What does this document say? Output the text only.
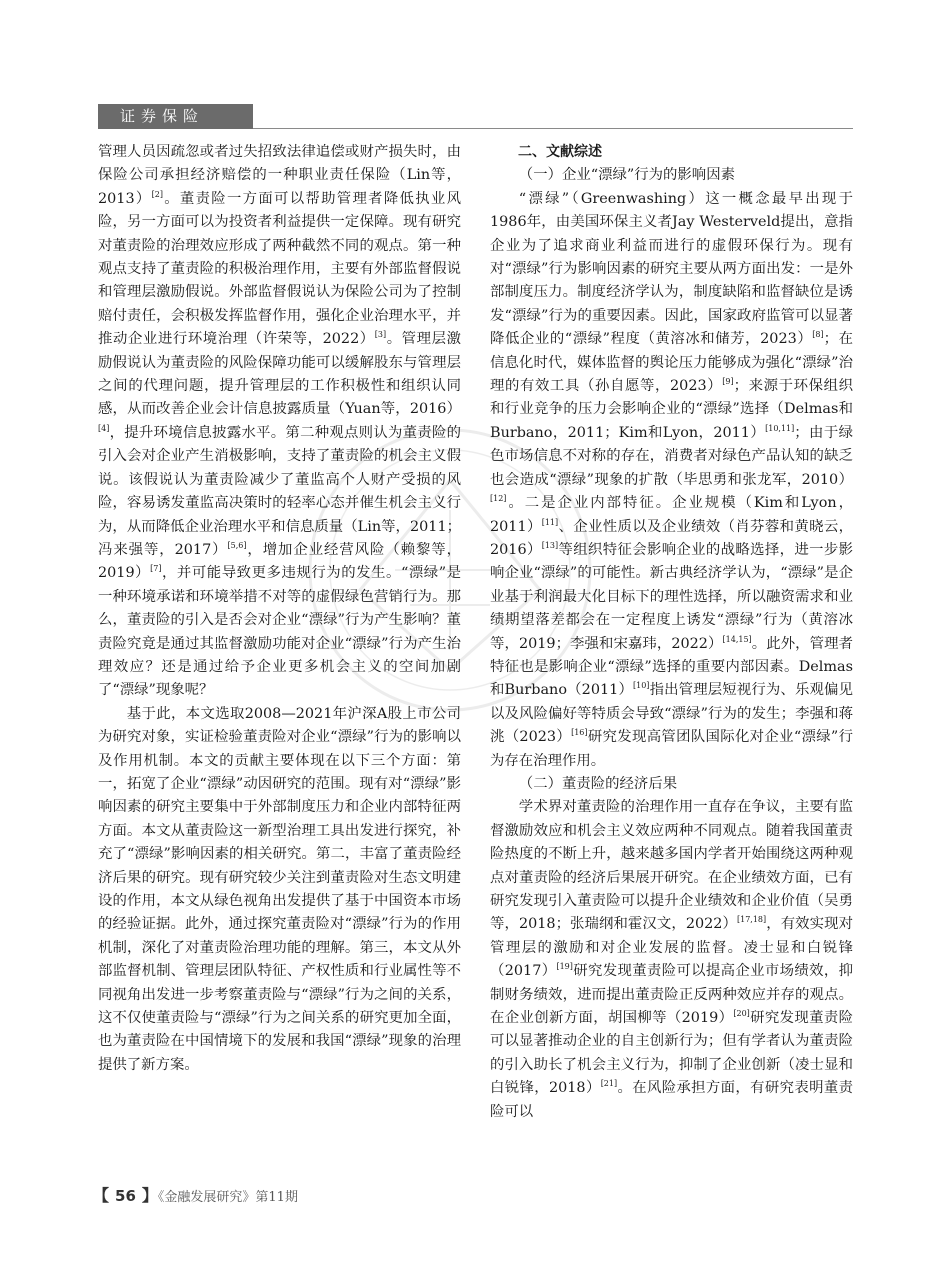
证券保险

管理人员因疏忽或者过失招致法律追偿或财产损失时，由保险公司承担经济赔偿的一种职业责任保险（Lin等，2013）[2]。董责险一方面可以帮助管理者降低执业风险，另一方面可以为投资者利益提供一定保障。现有研究对董责险的治理效应形成了两种截然不同的观点。第一种观点支持了董责险的积极治理作用，主要有外部监督假说和管理层激励假说。外部监督假说认为保险公司为了控制赔付责任，会积极发挥监督作用，强化企业治理水平，并推动企业进行环境治理（许荣等，2022）[3]。管理层激励假说认为董责险的风险保障功能可以缓解股东与管理层之间的代理问题，提升管理层的工作积极性和组织认同感，从而改善企业会计信息披露质量（Yuan等，2016）[4]，提升环境信息披露水平。第二种观点则认为董责险的引入会对企业产生消极影响，支持了董责险的机会主义假说。该假说认为董责险减少了董监高个人财产受损的风险，容易诱发董监高决策时的轻率心态并催生机会主义行为，从而降低企业治理水平和信息质量（Lin等，2011；冯来强等，2017）[5,6]，增加企业经营风险（赖黎等，2019）[7]，并可能导致更多违规行为的发生。“漂绿”是一种环境承诺和环境举措不对等的虚假绿色营销行为。那么，董责险的引入是否会对企业“漂绿”行为产生影响？董责险究竟是通过其监督激励功能对企业“漂绿”行为产生治理效应？还是通过给予企业更多机会主义的空间加剧了“漂绿”现象呢？

基于此，本文选取2008—2021年沪深A股上市公司为研究对象，实证检验董责险对企业“漂绿”行为的影响以及作用机制。本文的贡献主要体现在以下三个方面：第一，拓宽了企业“漂绿”动因研究的范围。现有对“漂绿”影响因素的研究主要集中于外部制度压力和企业内部特征两方面。本文从董责险这一新型治理工具出发进行探究，补充了“漂绿”影响因素的相关研究。第二，丰富了董责险经济后果的研究。现有研究较少关注到董责险对生态文明建设的作用，本文从绿色视角出发提供了基于中国资本市场的经验证据。此外，通过探究董责险对“漂绿”行为的作用机制，深化了对董责险治理功能的理解。第三，本文从外部监督机制、管理层团队特征、产权性质和行业属性等不同视角出发进一步考察董责险与“漂绿”行为之间的关系，这不仅使董责险与“漂绿”行为之间关系的研究更加全面，也为董责险在中国情境下的发展和我国“漂绿”现象的治理提供了新方案。

二、文献综述

（一）企业“漂绿”行为的影响因素

“漂绿”（Greenwashing）这一概念最早出现于1986年，由美国环保主义者Jay Westerveld提出，意指企业为了追求商业利益而进行的虚假环保行为。现有对“漂绿”行为影响因素的研究主要从两方面出发：一是外部制度压力。制度经济学认为，制度缺陷和监督缺位是诱发“漂绿”行为的重要因素。因此，国家政府监管可以显著降低企业的“漂绿”程度（黄溶冰和储芳，2023）[8]；在信息化时代，媒体监督的舆论压力能够成为强化“漂绿”治理的有效工具（孙自愿等，2023）[9]；来源于环保组织和行业竞争的压力会影响企业的“漂绿”选择（Delmas和Burbano，2011；Kim和Lyon，2011）[10,11]；由于绿色市场信息不对称的存在，消费者对绿色产品认知的缺乏也会造成“漂绿”现象的扩散（毕思勇和张龙军，2010）[12]。二是企业内部特征。企业规模（Kim和Lyon，2011）[11]、企业性质以及企业绩效（肖芬蓉和黄晓云，2016）[13]等组织特征会影响企业的战略选择，进一步影响企业“漂绿”的可能性。新古典经济学认为，“漂绿”是企业基于利润最大化目标下的理性选择，所以融资需求和业绩期望落差都会在一定程度上诱发“漂绿”行为（黄溶冰等，2019；李强和宋嘉玮，2022）[14,15]。此外，管理者特征也是影响企业“漂绿”选择的重要内部因素。Delmas和Burbano（2011）[10]指出管理层短视行为、乐观偏见以及风险偏好等特质会导致“漂绿”行为的发生；李强和蒋洮（2023）[16]研究发现高管团队国际化对企业“漂绿”行为存在治理作用。

（二）董责险的经济后果

学术界对董责险的治理作用一直存在争议，主要有监督激励效应和机会主义效应两种不同观点。随着我国董责险热度的不断上升，越来越多国内学者开始围绕这两种观点对董责险的经济后果展开研究。在企业绩效方面，已有研究发现引入董责险可以提升企业绩效和企业价值（吴勇等，2018；张瑞纲和霍汉文，2022）[17,18]，有效实现对管理层的激励和对企业发展的监督。凌士显和白锐锋（2017）[19]研究发现董责险可以提高企业市场绩效，抑制财务绩效，进而提出董责险正反两种效应并存的观点。在企业创新方面，胡国柳等（2019）[20]研究发现董责险可以显著推动企业的自主创新行为；但有学者认为董责险的引入助长了机会主义行为，抑制了企业创新（凌士显和白锐锋，2018）[21]。在风险承担方面，有研究表明董责险可以

【 56 】《金融发展研究》第11期
